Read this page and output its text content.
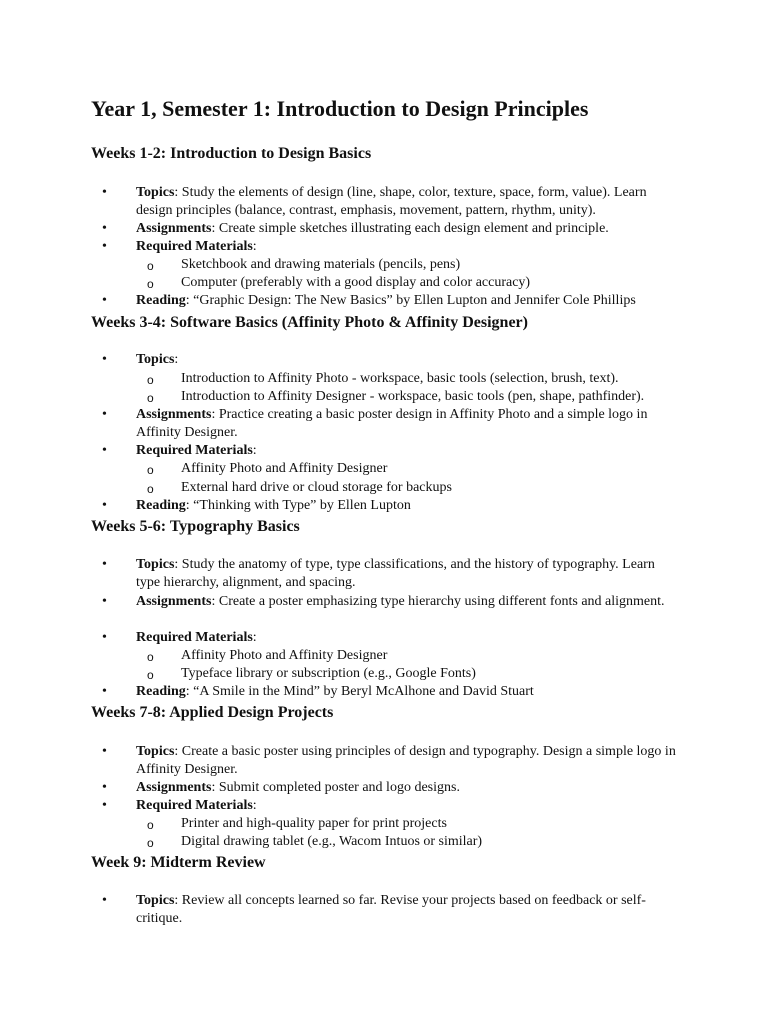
Year 1, Semester 1: Introduction to Design Principles
Weeks 1-2: Introduction to Design Basics
•	Topics: Study the elements of design (line, shape, color, texture, space, form, value). Learn design principles (balance, contrast, emphasis, movement, pattern, rhythm, unity).
•	Assignments: Create simple sketches illustrating each design element and principle.
•	Required Materials:
o Sketchbook and drawing materials (pencils, pens)
o Computer (preferably with a good display and color accuracy)
•	Reading: “Graphic Design: The New Basics” by Ellen Lupton and Jennifer Cole Phillips
Weeks 3-4: Software Basics (Affinity Photo & Affinity Designer)
•	Topics:
o Introduction to Affinity Photo - workspace, basic tools (selection, brush, text).
o Introduction to Affinity Designer - workspace, basic tools (pen, shape, pathfinder).
•	Assignments: Practice creating a basic poster design in Affinity Photo and a simple logo in Affinity Designer.
•	Required Materials:
o Affinity Photo and Affinity Designer
o External hard drive or cloud storage for backups
•	Reading: “Thinking with Type” by Ellen Lupton
Weeks 5-6: Typography Basics
•	Topics: Study the anatomy of type, type classifications, and the history of typography. Learn type hierarchy, alignment, and spacing.
•	Assignments: Create a poster emphasizing type hierarchy using different fonts and alignment.
•	Required Materials:
o Affinity Photo and Affinity Designer
o Typeface library or subscription (e.g., Google Fonts)
•	Reading: “A Smile in the Mind” by Beryl McAlhone and David Stuart
Weeks 7-8: Applied Design Projects
•	Topics: Create a basic poster using principles of design and typography. Design a simple logo in Affinity Designer.
•	Assignments: Submit completed poster and logo designs.
•	Required Materials:
o Printer and high-quality paper for print projects
o Digital drawing tablet (e.g., Wacom Intuos or similar)
Week 9: Midterm Review
•	Topics: Review all concepts learned so far. Revise your projects based on feedback or self-critique.
